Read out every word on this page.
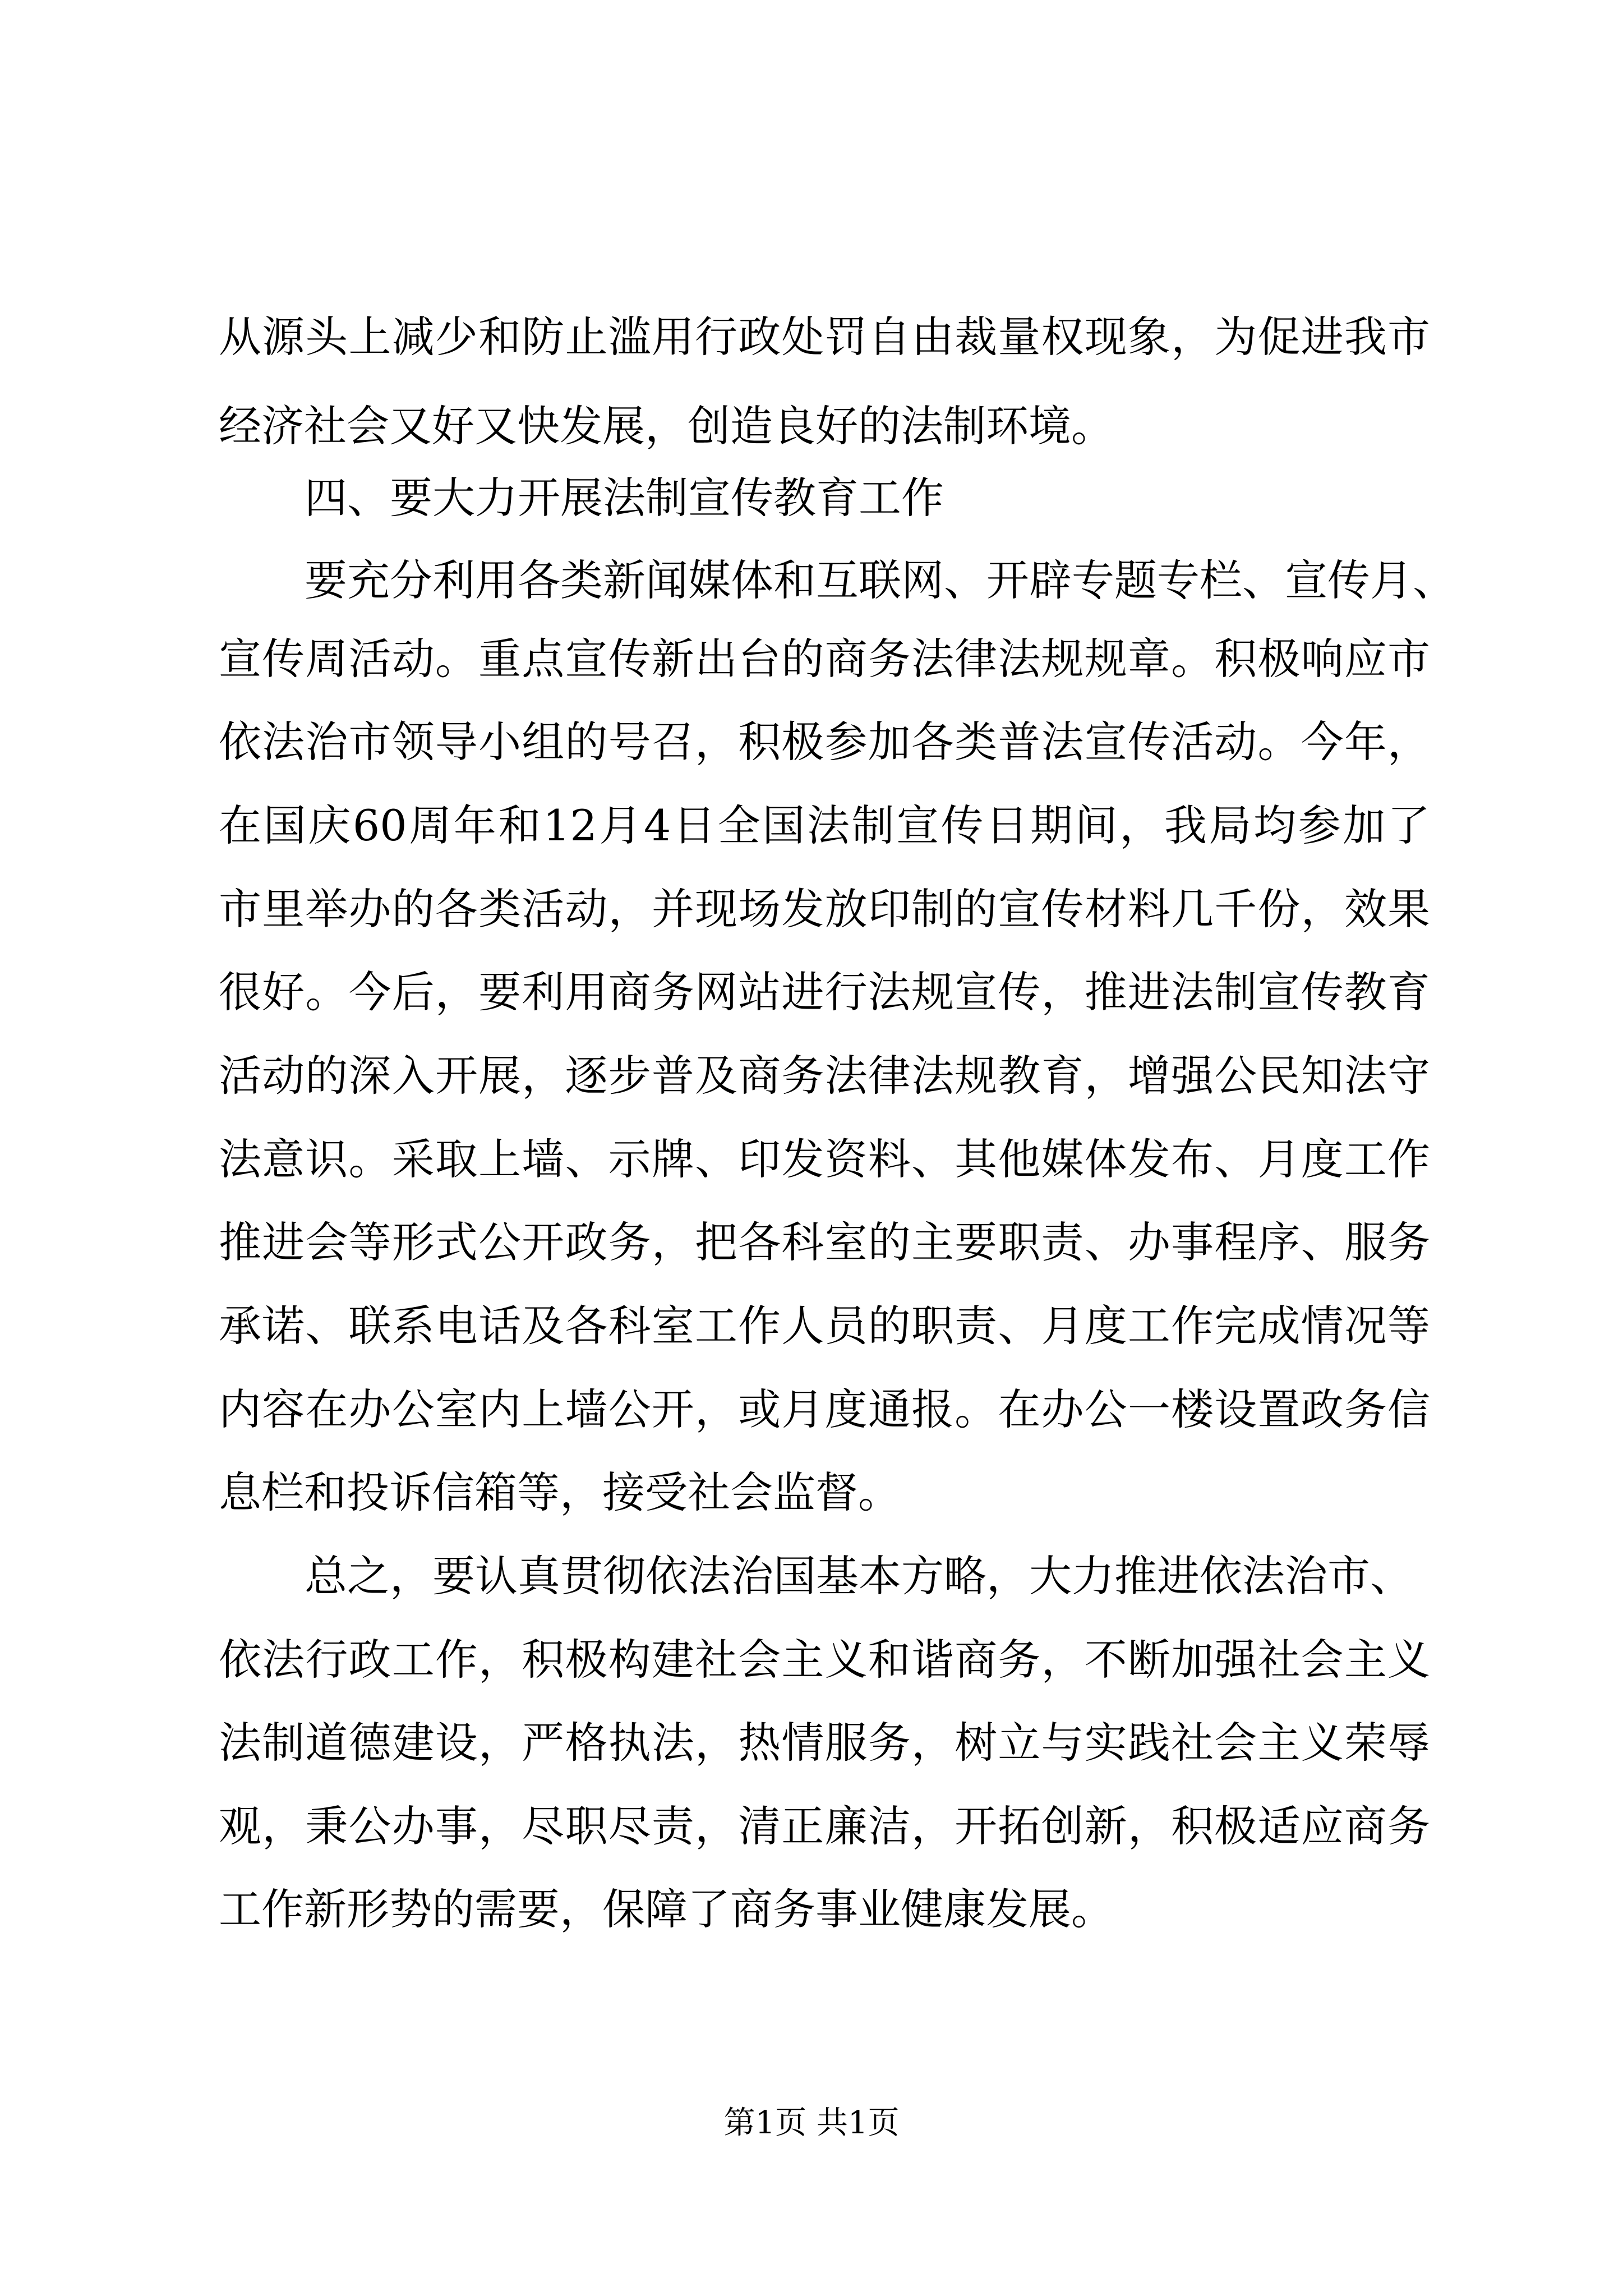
从源头上减少和防止滥用行政处罚自由裁量权现象，为促进我市
经济社会又好又快发展，创造良好的法制环境。
四、要大力开展法制宣传教育工作
要充分利用各类新闻媒体和互联网、开辟专题专栏、宣传月、
宣传周活动。重点宣传新出台的商务法律法规规章。积极响应市
依法治市领导小组的号召，积极参加各类普法宣传活动。今年，
在国庆60周年和12月4日全国法制宣传日期间，我局均参加了
市里举办的各类活动，并现场发放印制的宣传材料几千份，效果
很好。今后，要利用商务网站进行法规宣传，推进法制宣传教育
活动的深入开展，逐步普及商务法律法规教育，增强公民知法守
法意识。采取上墙、示牌、印发资料、其他媒体发布、月度工作
推进会等形式公开政务，把各科室的主要职责、办事程序、服务
承诺、联系电话及各科室工作人员的职责、月度工作完成情况等
内容在办公室内上墙公开，或月度通报。在办公一楼设置政务信
息栏和投诉信箱等，接受社会监督。
总之，要认真贯彻依法治国基本方略，大力推进依法治市、
依法行政工作，积极构建社会主义和谐商务，不断加强社会主义
法制道德建设，严格执法，热情服务，树立与实践社会主义荣辱
观，秉公办事，尽职尽责，清正廉洁，开拓创新，积极适应商务
工作新形势的需要，保障了商务事业健康发展。
第1页 共1页
